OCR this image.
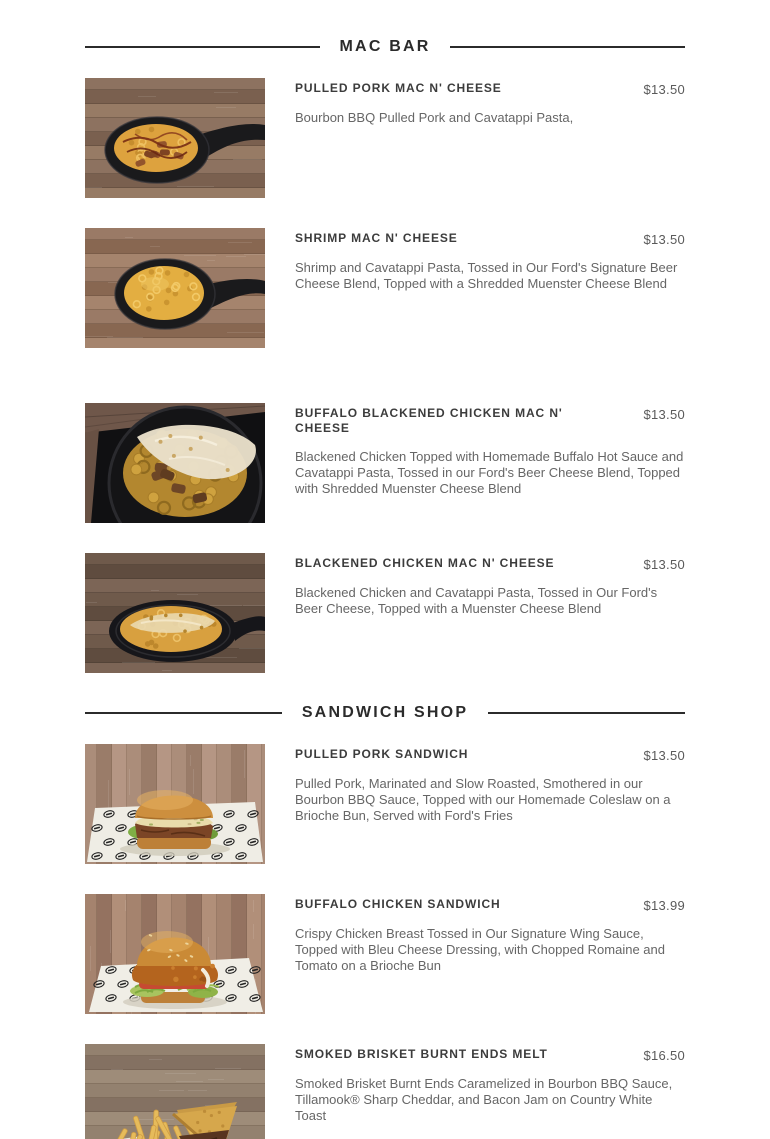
MAC BAR
PULLED PORK MAC N' CHEESE	$13.50
Bourbon BBQ Pulled Pork and Cavatappi Pasta,
SHRIMP MAC N' CHEESE	$13.50
Shrimp and Cavatappi Pasta, Tossed in Our Ford's Signature Beer Cheese Blend, Topped with a Shredded Muenster Cheese Blend
BUFFALO BLACKENED CHICKEN MAC N' CHEESE
$13.50
Blackened Chicken Topped with Homemade Buffalo Hot Sauce and Cavatappi Pasta, Tossed in our Ford's Beer Cheese Blend, Topped with Shredded Muenster Cheese Blend
BLACKENED CHICKEN MAC N' CHEESE	$13.50
Blackened Chicken and Cavatappi Pasta, Tossed in Our Ford's Beer Cheese, Topped with a Muenster Cheese Blend
SANDWICH SHOP
PULLED PORK SANDWICH	$13.50
Pulled Pork, Marinated and Slow Roasted, Smothered in our Bourbon BBQ Sauce, Topped with our Homemade Coleslaw on a Brioche Bun, Served with Ford's Fries
BUFFALO CHICKEN SANDWICH	$13.99
Crispy Chicken Breast Tossed in Our Signature Wing Sauce, Topped with Bleu Cheese Dressing, with Chopped Romaine and Tomato on a Brioche Bun
SMOKED BRISKET BURNT ENDS MELT	$16.50
Smoked Brisket Burnt Ends Caramelized in Bourbon BBQ Sauce, Tillamook® Sharp Cheddar, and Bacon Jam on Country White Toast
